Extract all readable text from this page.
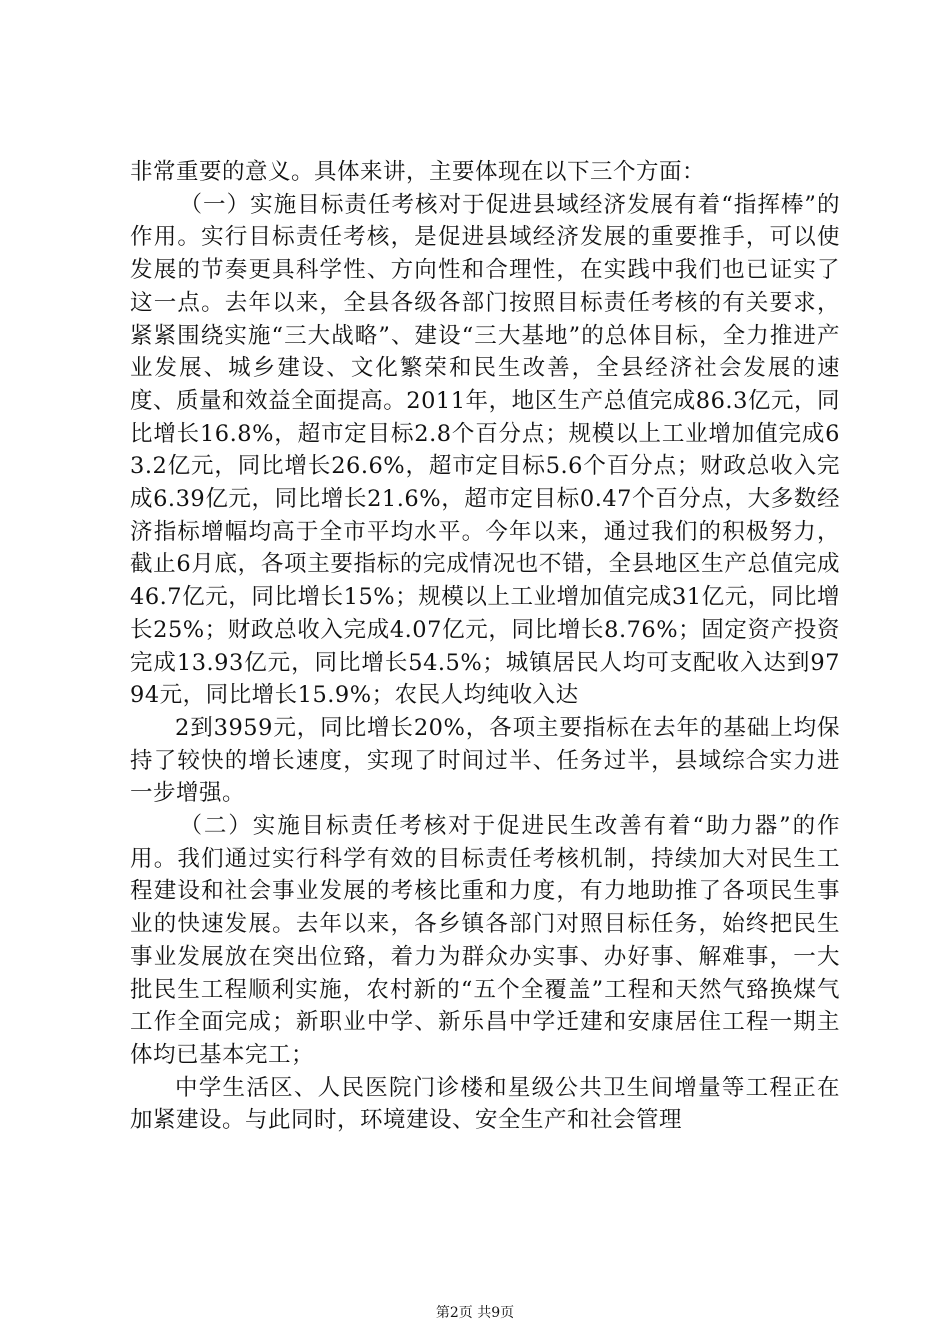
非常重要的意义。具体来讲，主要体现在以下三个方面：

（一）实施目标责任考核对于促进县域经济发展有着“指挥棒”的作用。实行目标责任考核，是促进县域经济发展的重要推手，可以使发展的节奏更具科学性、方向性和合理性，在实践中我们也已证实了这一点。去年以来，全县各级各部门按照目标责任考核的有关要求，紧紧围绕实施“三大战略”、建设“三大基地”的总体目标，全力推进产业发展、城乡建设、文化繁荣和民生改善，全县经济社会发展的速度、质量和效益全面提高。2011年，地区生产总值完成86.3亿元，同比增长16.8%，超市定目标2.8个百分点；规模以上工业增加值完成63.2亿元，同比增长26.6%，超市定目标5.6个百分点；财政总收入完成6.39亿元，同比增长21.6%，超市定目标0.47个百分点，大多数经济指标增幅均高于全市平均水平。今年以来，通过我们的积极努力，截止6月底，各项主要指标的完成情况也不错，全县地区生产总值完成46.7亿元，同比增长15%；规模以上工业增加值完成31亿元，同比增长25%；财政总收入完成4.07亿元，同比增长8.76%；固定资产投资完成13.93亿元，同比增长54.5%；城镇居民人均可支配收入达到9794元，同比增长15.9%；农民人均纯收入达

2到3959元，同比增长20%，各项主要指标在去年的基础上均保持了较快的增长速度，实现了时间过半、任务过半，县域综合实力进一步增强。

（二）实施目标责任考核对于促进民生改善有着“助力器”的作用。我们通过实行科学有效的目标责任考核机制，持续加大对民生工程建设和社会事业发展的考核比重和力度，有力地助推了各项民生事业的快速发展。去年以来，各乡镇各部门对照目标任务，始终把民生事业发展放在突出位臵，着力为群众办实事、办好事、解难事，一大批民生工程顺利实施，农村新的“五个全覆盖”工程和天然气臵换煤气工作全面完成；新职业中学、新乐昌中学迁建和安康居住工程一期主体均已基本完工；

中学生活区、人民医院门诊楼和星级公共卫生间增量等工程正在加紧建设。与此同时，环境建设、安全生产和社会管理

第2页 共9页
